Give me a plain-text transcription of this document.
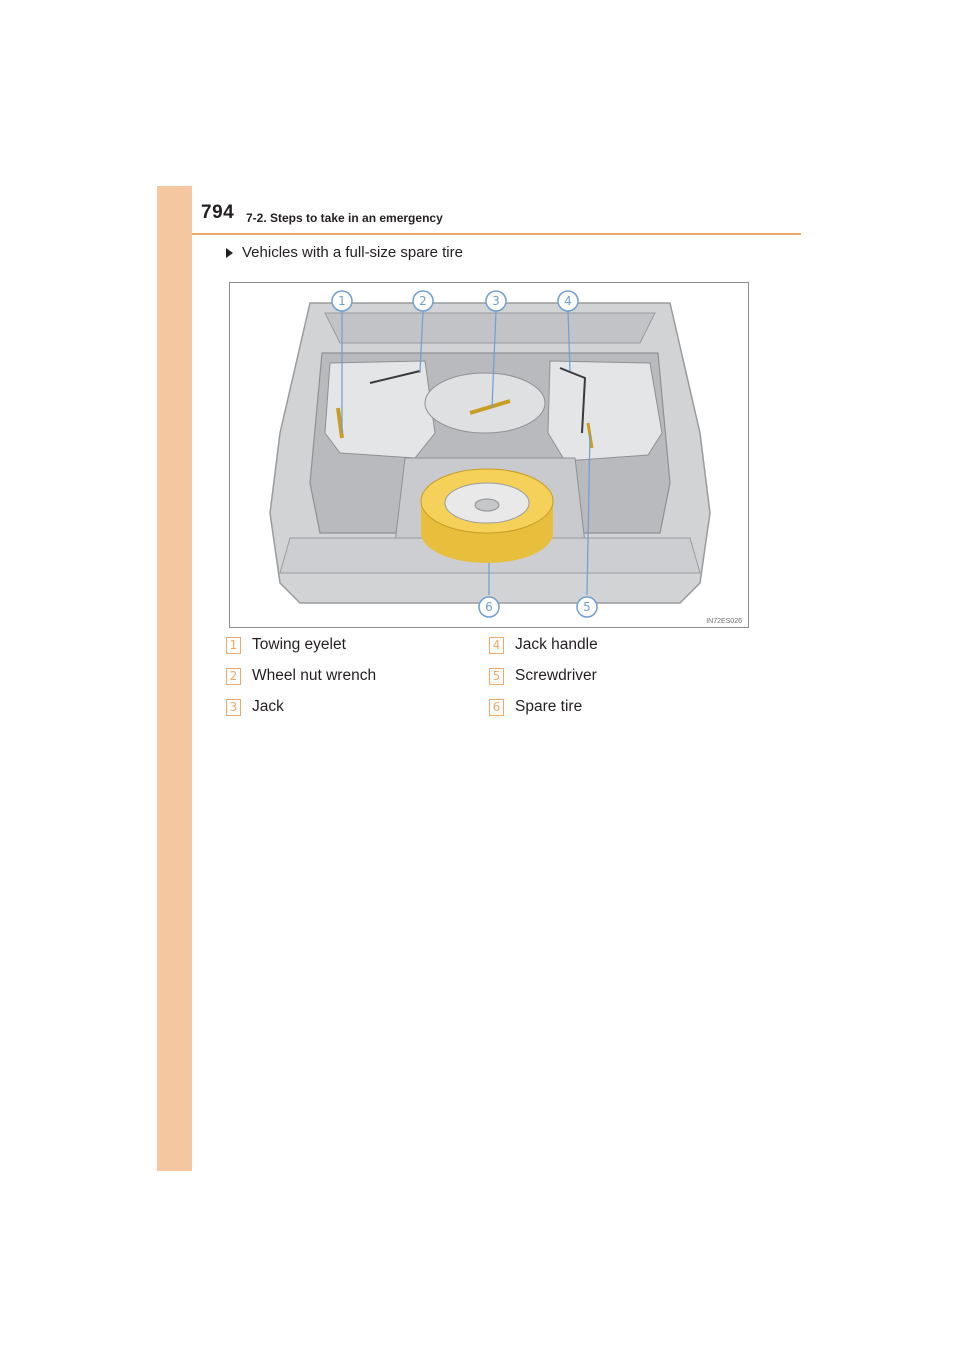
794 7-2. Steps to take in an emergency
Vehicles with a full-size spare tire
1	2	3	4
5
6
IN72ES026
1 Towing eyelet
2 Wheel nut wrench
3 Jack
4 Jack handle
5 Screwdriver
6 Spare tire
